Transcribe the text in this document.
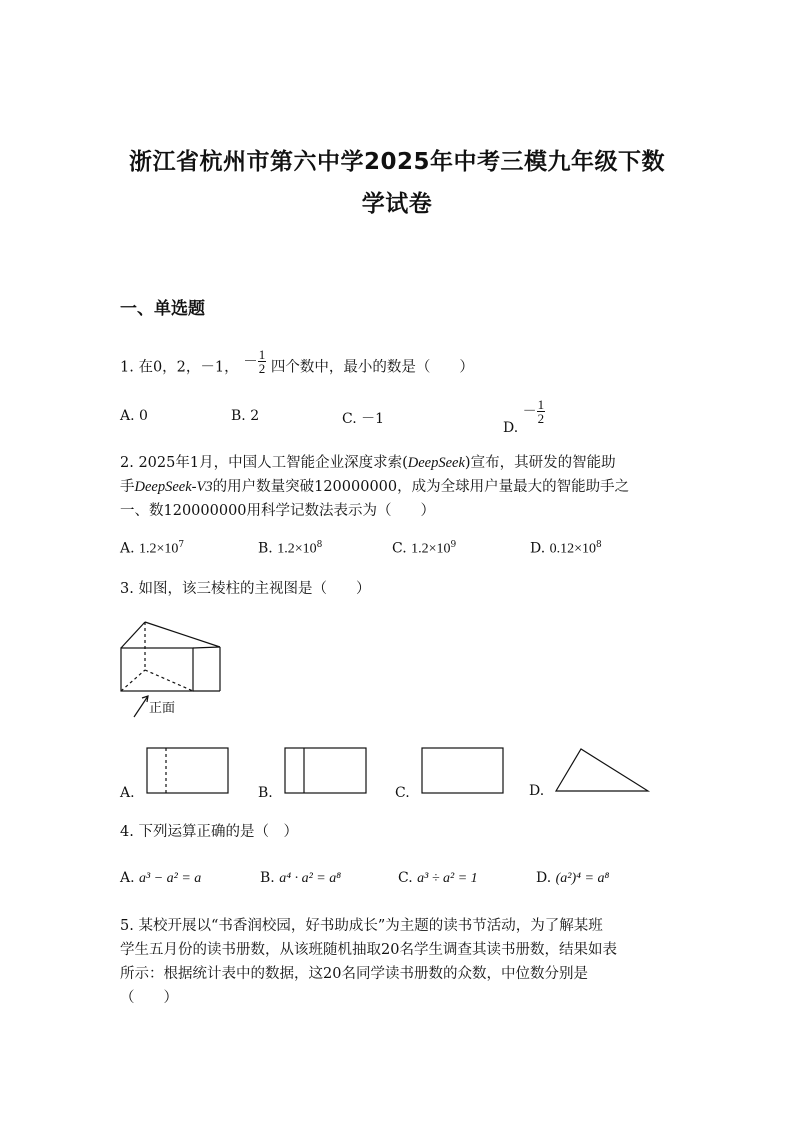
浙江省杭州市第六中学2025年中考三模九年级下数
学试卷
一、单选题
1. 在0，2，－1， － $\frac{1}{2}$ 四个数中，最小的数是（　　）
A. 0	B. 2	C. －1
D. － $\frac{1}{2}$
2. 2025年1月，中国人工智能企业深度求索(DeepSeek)宣布，其研发的智能助
手DeepSeek-V3的用户数量突破120000000，成为全球用户量最大的智能助手之
一、数120000000用科学记数法表示为（　　）
A. $1.2\times 10^7$	B. $1.2\times 10^8$	C. $1.2\times 10^9$	D. $0.12\times 10^8$
3. 如图，该三棱柱的主视图是（　　）
正面
A.	B.	C.	D.
4. 下列运算正确的是（　）
A. a³ − a² = a	B. a⁴ · a² = a⁸	C. a³ ÷ a² = 1	D. (a²)⁴ = a⁸
5. 某校开展以“书香润校园，好书助成长”为主题的读书节活动，为了解某班
学生五月份的读书册数，从该班随机抽取20名学生调查其读书册数，结果如表
所示：根据统计表中的数据，这20名同学读书册数的众数，中位数分别是
（　　）
